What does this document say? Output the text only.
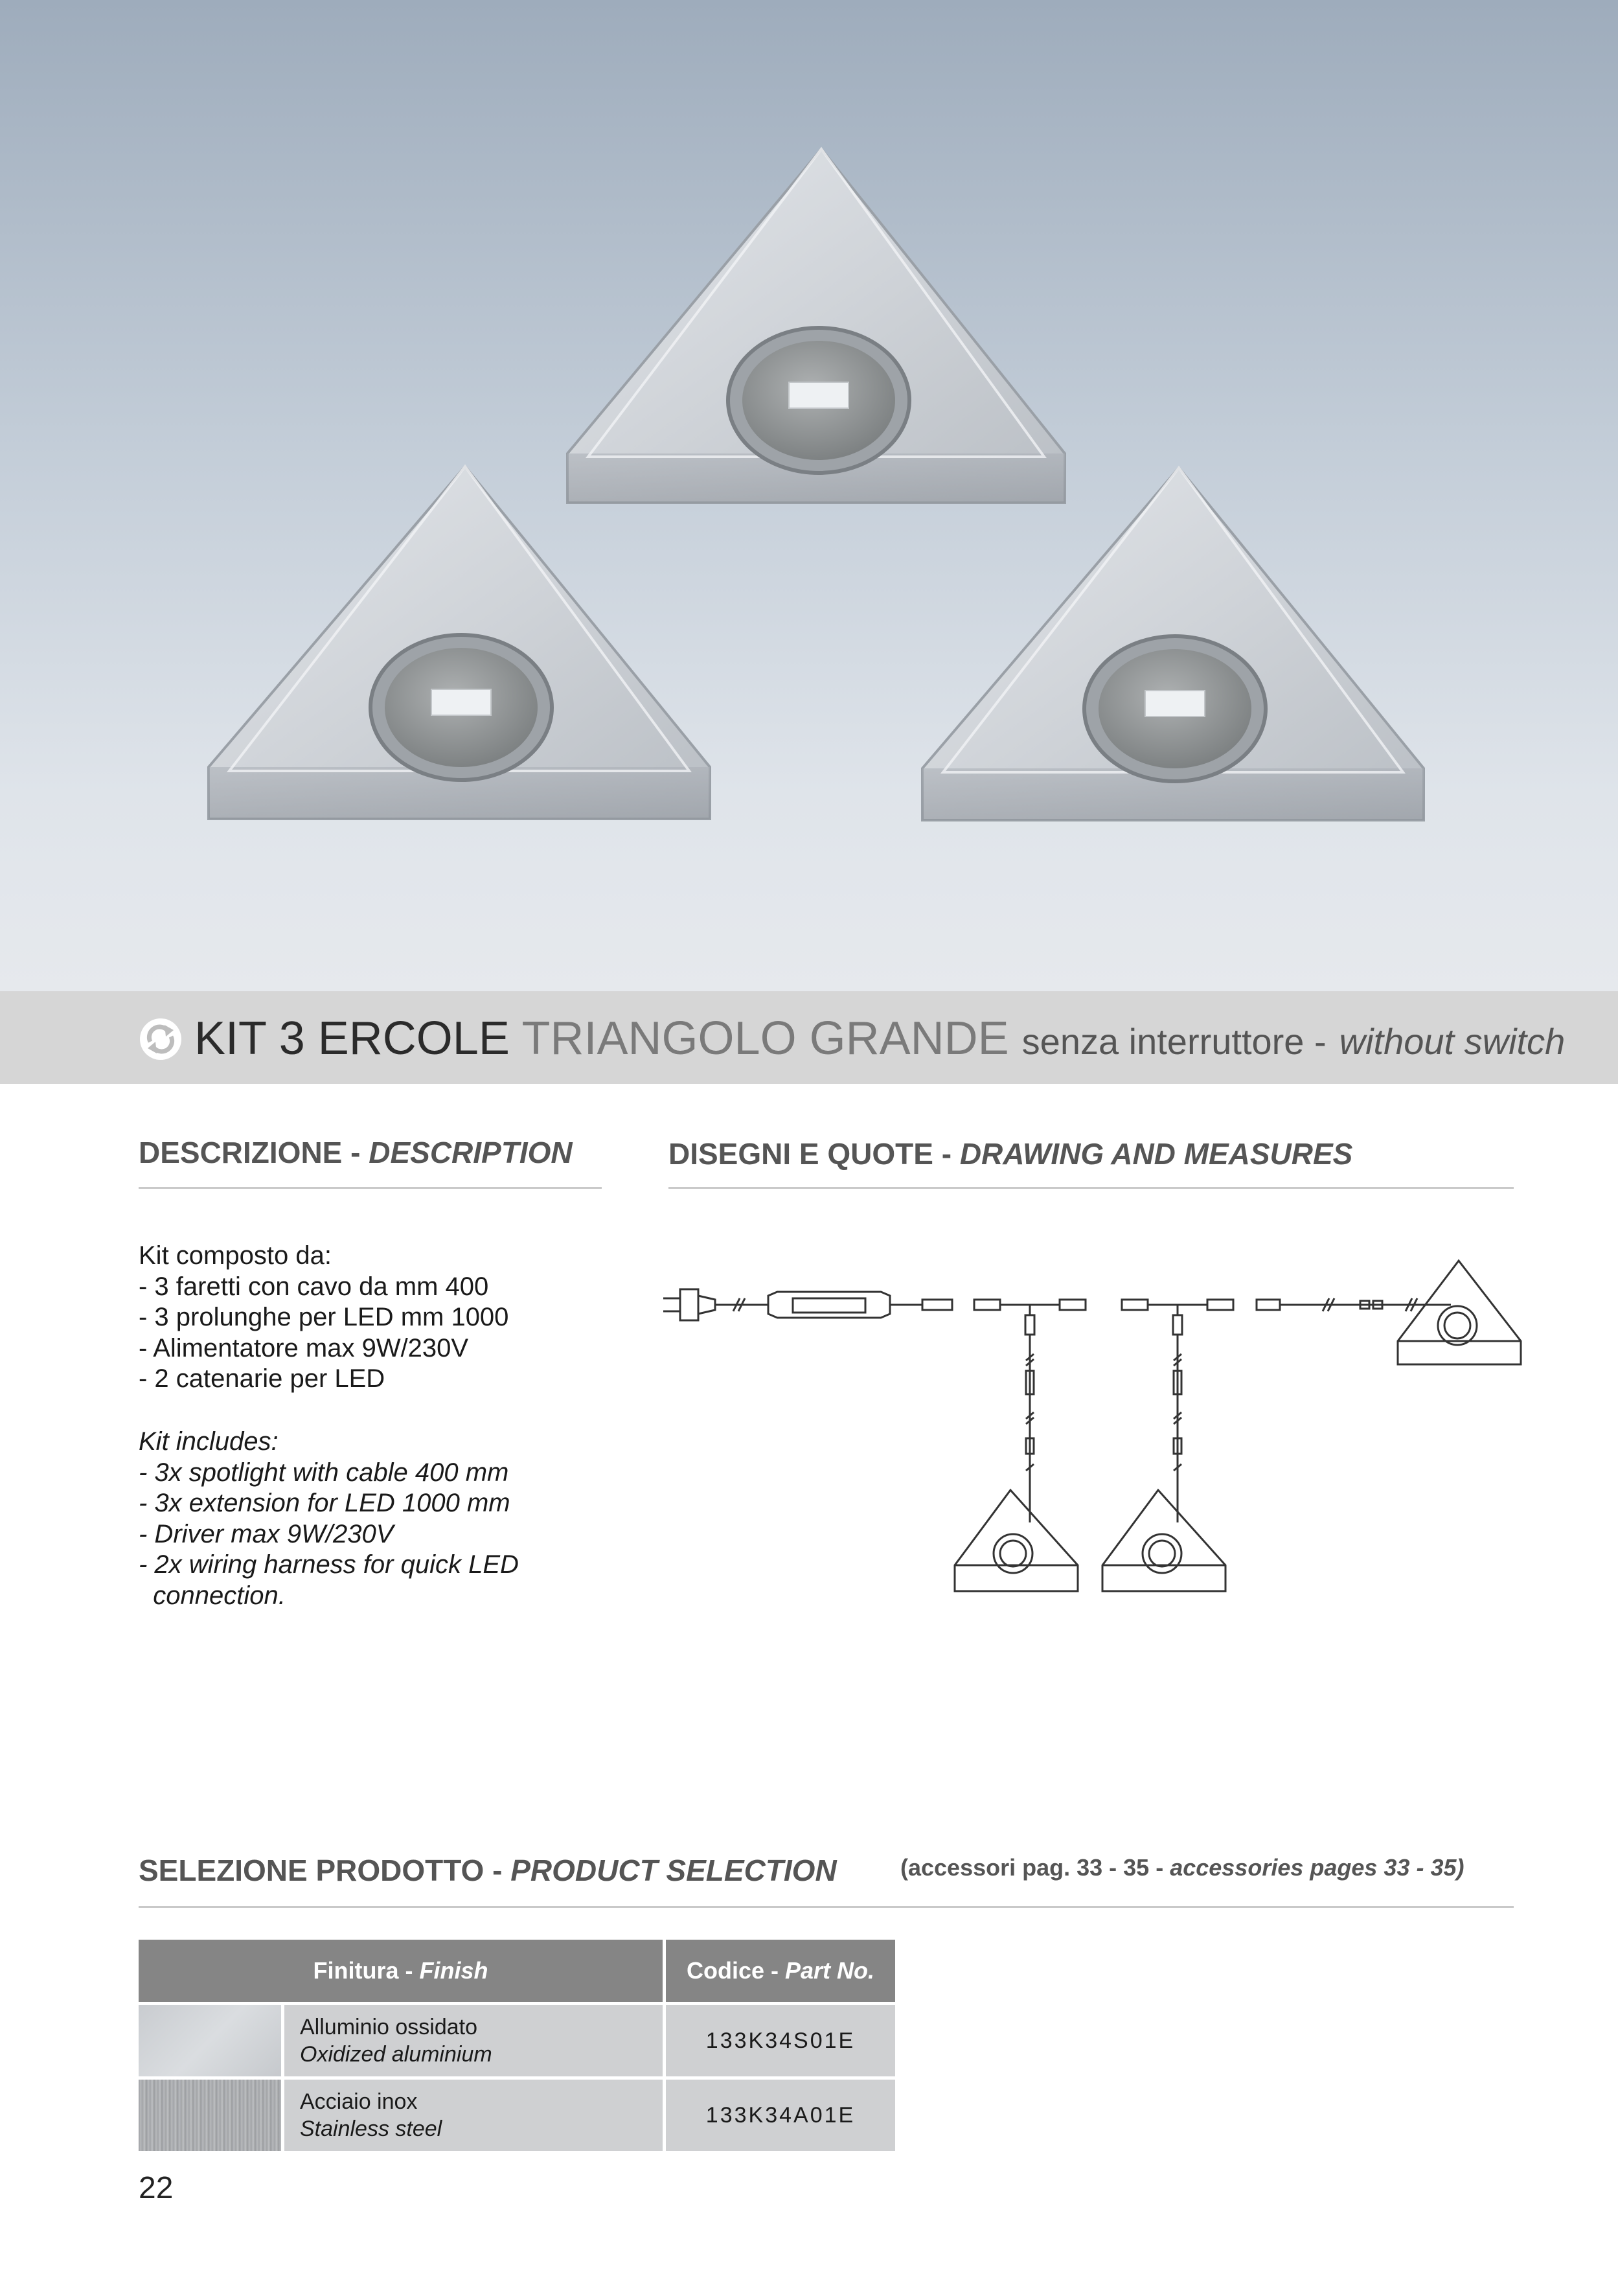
KIT 3 ERCOLE TRIANGOLO GRANDE senza interruttore - without switch
DESCRIZIONE - DESCRIPTION	DISEGNI E QUOTE - DRAWING AND MEASURES
Kit composto da:
- 3 faretti con cavo da mm 400
- 3 prolunghe per LED mm 1000
- Alimentatore max 9W/230V
- 2 catenarie per LED
Kit includes:
- 3x spotlight with cable 400 mm
- 3x extension for LED 1000 mm
- Driver max 9W/230V
- 2x wiring harness for quick LED
connection.
SELEZIONE PRODOTTO - PRODUCT SELECTION	(accessori pag. 33 - 35 - accessories pages 33 - 35)
Finitura - Finish		Codice - Part No.
	Alluminio ossidato
Oxidized aluminium	133K34S01E
	Acciaio inox
Stainless steel	133K34A01E
22
